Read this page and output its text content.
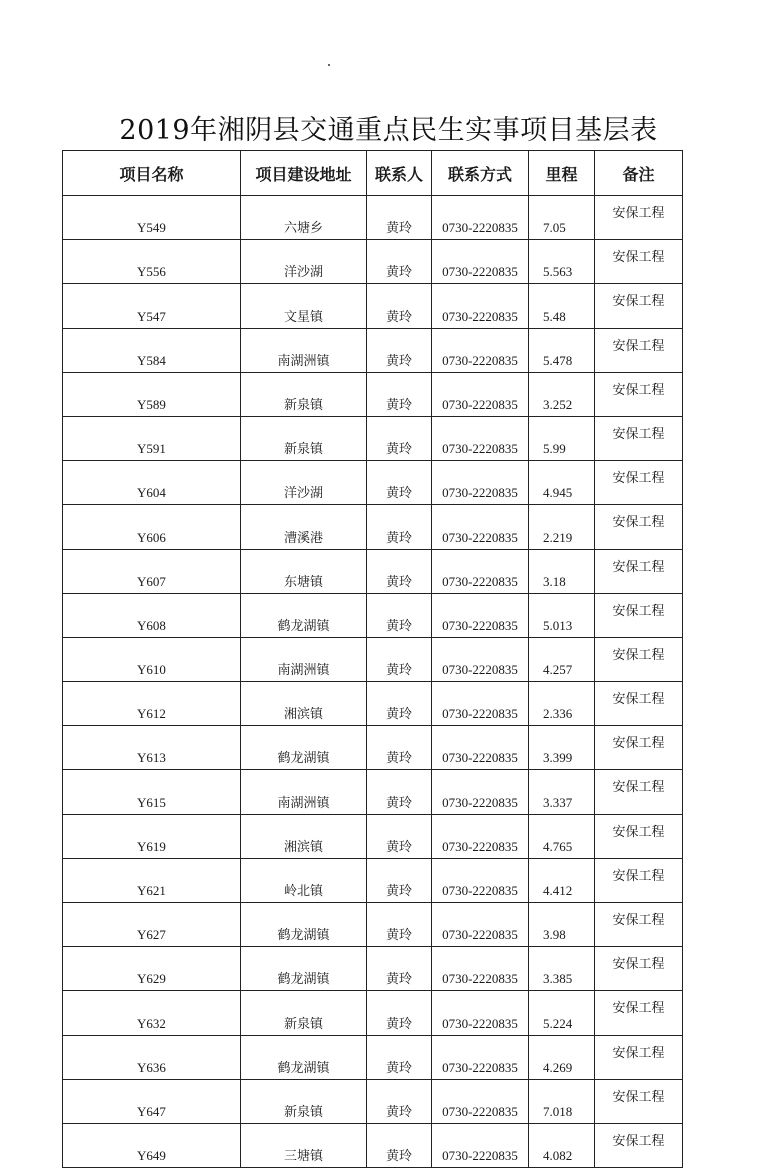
2019年湘阴县交通重点民生实事项目基层表
项目名称	项目建设地址	联系人	联系方式	里程	备注
Y549	六塘乡	黄玲	0730-2220835	7.05	安保工程
Y556	洋沙湖	黄玲	0730-2220835	5.563	安保工程
Y547	文星镇	黄玲	0730-2220835	5.48	安保工程
Y584	南湖洲镇	黄玲	0730-2220835	5.478	安保工程
Y589	新泉镇	黄玲	0730-2220835	3.252	安保工程
Y591	新泉镇	黄玲	0730-2220835	5.99	安保工程
Y604	洋沙湖	黄玲	0730-2220835	4.945	安保工程
Y606	漕溪港	黄玲	0730-2220835	2.219	安保工程
Y607	东塘镇	黄玲	0730-2220835	3.18	安保工程
Y608	鹤龙湖镇	黄玲	0730-2220835	5.013	安保工程
Y610	南湖洲镇	黄玲	0730-2220835	4.257	安保工程
Y612	湘滨镇	黄玲	0730-2220835	2.336	安保工程
Y613	鹤龙湖镇	黄玲	0730-2220835	3.399	安保工程
Y615	南湖洲镇	黄玲	0730-2220835	3.337	安保工程
Y619	湘滨镇	黄玲	0730-2220835	4.765	安保工程
Y621	岭北镇	黄玲	0730-2220835	4.412	安保工程
Y627	鹤龙湖镇	黄玲	0730-2220835	3.98	安保工程
Y629	鹤龙湖镇	黄玲	0730-2220835	3.385	安保工程
Y632	新泉镇	黄玲	0730-2220835	5.224	安保工程
Y636	鹤龙湖镇	黄玲	0730-2220835	4.269	安保工程
Y647	新泉镇	黄玲	0730-2220835	7.018	安保工程
Y649	三塘镇	黄玲	0730-2220835	4.082	安保工程
